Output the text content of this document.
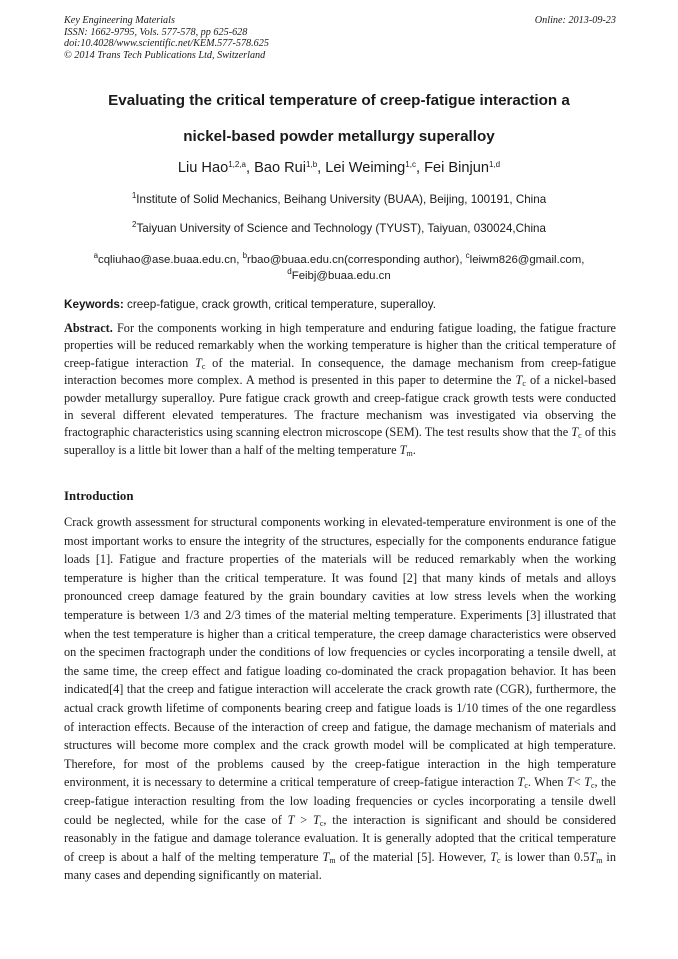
Key Engineering Materials
ISSN: 1662-9795, Vols. 577-578, pp 625-628
doi:10.4028/www.scientific.net/KEM.577-578.625
© 2014 Trans Tech Publications Ltd, Switzerland
Online: 2013-09-23
Evaluating the critical temperature of creep-fatigue interaction a
nickel-based powder metallurgy superalloy
Liu Hao$^{1,2,a}$, Bao Rui$^{1,b}$, Lei Weiming$^{1,c}$, Fei Binjun$^{1,d}$
$^1$Institute of Solid Mechanics, Beihang University (BUAA), Beijing, 100191, China
$^2$Taiyuan University of Science and Technology (TYUST), Taiyuan, 030024,China
$^a$cqliuhao@ase.buaa.edu.cn, $^b$rbao@buaa.edu.cn(corresponding author), $^c$leiwm826@gmail.com,
$^d$Feibj@buaa.edu.cn
Keywords: creep-fatigue, crack growth, critical temperature, superalloy.
Abstract. For the components working in high temperature and enduring fatigue loading, the fatigue fracture properties will be reduced remarkably when the working temperature is higher than the critical temperature of creep-fatigue interaction $T_c$ of the material. In consequence, the damage mechanism from creep-fatigue interaction becomes more complex. A method is presented in this paper to determine the $T_c$ of a nickel-based powder metallurgy superalloy. Pure fatigue crack growth and creep-fatigue crack growth tests were conducted in several different elevated temperatures. The fracture mechanism was investigated via observing the fractographic characteristics using scanning electron microscope (SEM). The test results show that the $T_c$ of this superalloy is a little bit lower than a half of the melting temperature $T_m$.
Introduction
Crack growth assessment for structural components working in elevated-temperature environment is one of the most important works to ensure the integrity of the structures, especially for the components endurance fatigue loads [1]. Fatigue and fracture properties of the materials will be reduced remarkably when the working temperature is higher than the critical temperature. It was found [2] that many kinds of metals and alloys pronounced creep damage featured by the grain boundary cavities at low stress levels when the working temperature is between 1/3 and 2/3 times of the material melting temperature. Experiments [3] illustrated that when the test temperature is higher than a critical temperature, the creep damage characteristics were observed on the specimen fractograph under the conditions of low frequencies or cycles incorporating a tensile dwell, at the same time, the creep effect and fatigue loading co-dominated the crack propagation behavior. It has been indicated[4] that the creep and fatigue interaction will accelerate the crack growth rate (CGR), furthermore, the actual crack growth lifetime of components bearing creep and fatigue loads is 1/10 times of the one regardless of interaction effects. Because of the interaction of creep and fatigue, the damage mechanism of materials and structures will become more complex and the crack growth model will be complicated at high temperature. Therefore, for most of the problems caused by the creep-fatigue interaction in the high temperature environment, it is necessary to determine a critical temperature of creep-fatigue interaction $T_c$. When $T< T_c$, the creep-fatigue interaction resulting from the low loading frequencies or cycles incorporating a tensile dwell could be neglected, while for the case of $T > T_c$, the interaction is significant and should be considered reasonably in the fatigue and damage tolerance evaluation. It is generally adopted that the critical temperature of creep is about a half of the melting temperature $T_m$ of the material [5]. However, $T_c$ is lower than $0.5T_m$ in many cases and depending significantly on material.
